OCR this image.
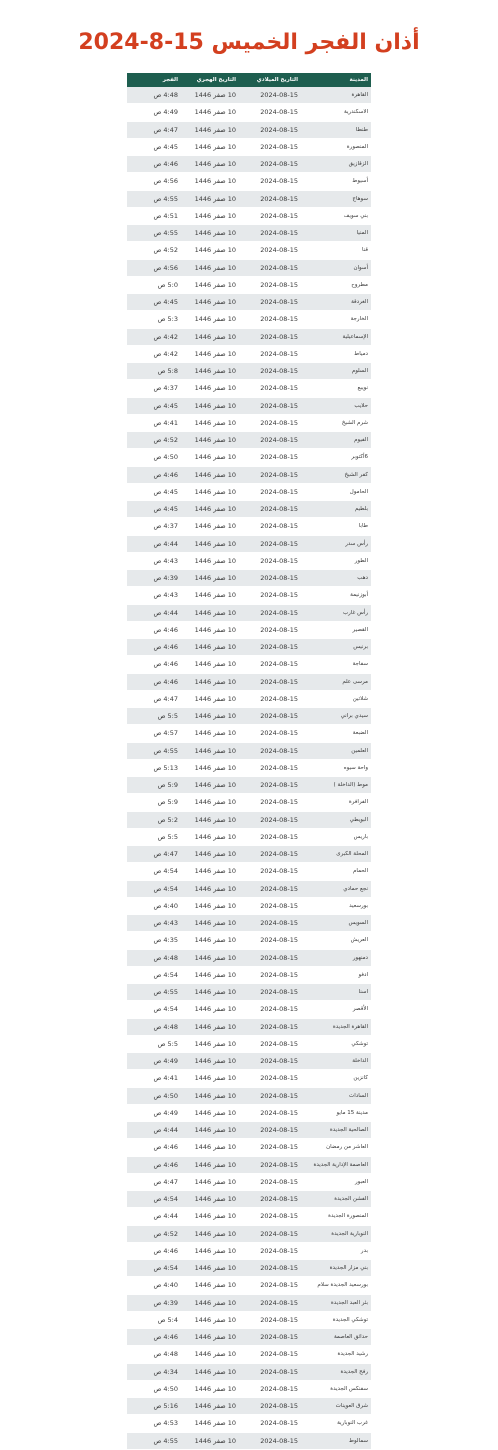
أذان الفجر الخميس 15-8-2024
المدينة	التاريخ الميلادي	التاريخ الهجري	الفجر
القاهرة	2024-08-15	10 صفر 1446	4:48 ص
الاسكندرية	2024-08-15	10 صفر 1446	4:49 ص
طنطا	2024-08-15	10 صفر 1446	4:47 ص
المنصورة	2024-08-15	10 صفر 1446	4:45 ص
الزقازيق	2024-08-15	10 صفر 1446	4:46 ص
أسيوط	2024-08-15	10 صفر 1446	4:56 ص
سوهاج	2024-08-15	10 صفر 1446	4:55 ص
بني سويف	2024-08-15	10 صفر 1446	4:51 ص
المنيا	2024-08-15	10 صفر 1446	4:55 ص
قنا	2024-08-15	10 صفر 1446	4:52 ص
أسوان	2024-08-15	10 صفر 1446	4:56 ص
مطروح	2024-08-15	10 صفر 1446	5:0 ص
الغردقة	2024-08-15	10 صفر 1446	4:45 ص
الخارجة	2024-08-15	10 صفر 1446	5:3 ص
الإسماعيلية	2024-08-15	10 صفر 1446	4:42 ص
دمياط	2024-08-15	10 صفر 1446	4:42 ص
السلوم	2024-08-15	10 صفر 1446	5:8 ص
نويبع	2024-08-15	10 صفر 1446	4:37 ص
حلايب	2024-08-15	10 صفر 1446	4:45 ص
شرم الشيخ	2024-08-15	10 صفر 1446	4:41 ص
الفيوم	2024-08-15	10 صفر 1446	4:52 ص
6أكتوبر	2024-08-15	10 صفر 1446	4:50 ص
كفر الشيخ	2024-08-15	10 صفر 1446	4:46 ص
الحامول	2024-08-15	10 صفر 1446	4:45 ص
بلطيم	2024-08-15	10 صفر 1446	4:45 ص
طابا	2024-08-15	10 صفر 1446	4:37 ص
رأس سدر	2024-08-15	10 صفر 1446	4:44 ص
الطور	2024-08-15	10 صفر 1446	4:43 ص
دهب	2024-08-15	10 صفر 1446	4:39 ص
أبوزنيمة	2024-08-15	10 صفر 1446	4:43 ص
رأس غارب	2024-08-15	10 صفر 1446	4:44 ص
القصير	2024-08-15	10 صفر 1446	4:46 ص
برنيس	2024-08-15	10 صفر 1446	4:46 ص
سفاجة	2024-08-15	10 صفر 1446	4:46 ص
مرسى علم	2024-08-15	10 صفر 1446	4:46 ص
شلاتين	2024-08-15	10 صفر 1446	4:47 ص
سيدي براني	2024-08-15	10 صفر 1446	5:5 ص
الضبعة	2024-08-15	10 صفر 1446	4:57 ص
العلمين	2024-08-15	10 صفر 1446	4:55 ص
واحة سيوه	2024-08-15	10 صفر 1446	5:13 ص
موط (الداخلة )	2024-08-15	10 صفر 1446	5:9 ص
الفرافرة	2024-08-15	10 صفر 1446	5:9 ص
البويطي	2024-08-15	10 صفر 1446	5:2 ص
باريس	2024-08-15	10 صفر 1446	5:5 ص
المحلة الكبرى	2024-08-15	10 صفر 1446	4:47 ص
الحمام	2024-08-15	10 صفر 1446	4:54 ص
نجع حمادي	2024-08-15	10 صفر 1446	4:54 ص
بورسعيد	2024-08-15	10 صفر 1446	4:40 ص
السويس	2024-08-15	10 صفر 1446	4:43 ص
العريش	2024-08-15	10 صفر 1446	4:35 ص
دمنهور	2024-08-15	10 صفر 1446	4:48 ص
ادفو	2024-08-15	10 صفر 1446	4:54 ص
اسنا	2024-08-15	10 صفر 1446	4:55 ص
الأقصر	2024-08-15	10 صفر 1446	4:54 ص
القاهرة الجديدة	2024-08-15	10 صفر 1446	4:48 ص
توشكي	2024-08-15	10 صفر 1446	5:5 ص
الداخلة	2024-08-15	10 صفر 1446	4:49 ص
كانزين	2024-08-15	10 صفر 1446	4:41 ص
السادات	2024-08-15	10 صفر 1446	4:50 ص
مدينة 15 مايو	2024-08-15	10 صفر 1446	4:49 ص
الصالحية الجديدة	2024-08-15	10 صفر 1446	4:44 ص
العاشر من رمضان	2024-08-15	10 صفر 1446	4:46 ص
العاصمة الإدارية الجديدة	2024-08-15	10 صفر 1446	4:46 ص
العبور	2024-08-15	10 صفر 1446	4:47 ص
الفشن الجديدة	2024-08-15	10 صفر 1446	4:54 ص
المنصورة الجديدة	2024-08-15	10 صفر 1446	4:44 ص
النوبارية الجديدة	2024-08-15	10 صفر 1446	4:52 ص
بدر	2024-08-15	10 صفر 1446	4:46 ص
بني مزار الجديدة	2024-08-15	10 صفر 1446	4:54 ص
بورسعيد الجديدة سلام	2024-08-15	10 صفر 1446	4:40 ص
بئر العبد الجديدة	2024-08-15	10 صفر 1446	4:39 ص
توشكي الجديدة	2024-08-15	10 صفر 1446	5:4 ص
حدائق العاصمة	2024-08-15	10 صفر 1446	4:46 ص
رشيد الجديدة	2024-08-15	10 صفر 1446	4:48 ص
رفح الجديدة	2024-08-15	10 صفر 1446	4:34 ص
سفنكس الجديدة	2024-08-15	10 صفر 1446	4:50 ص
شرق العوينات	2024-08-15	10 صفر 1446	5:16 ص
غرب النوبارية	2024-08-15	10 صفر 1446	4:53 ص
سمالوط	2024-08-15	10 صفر 1446	4:55 ص
